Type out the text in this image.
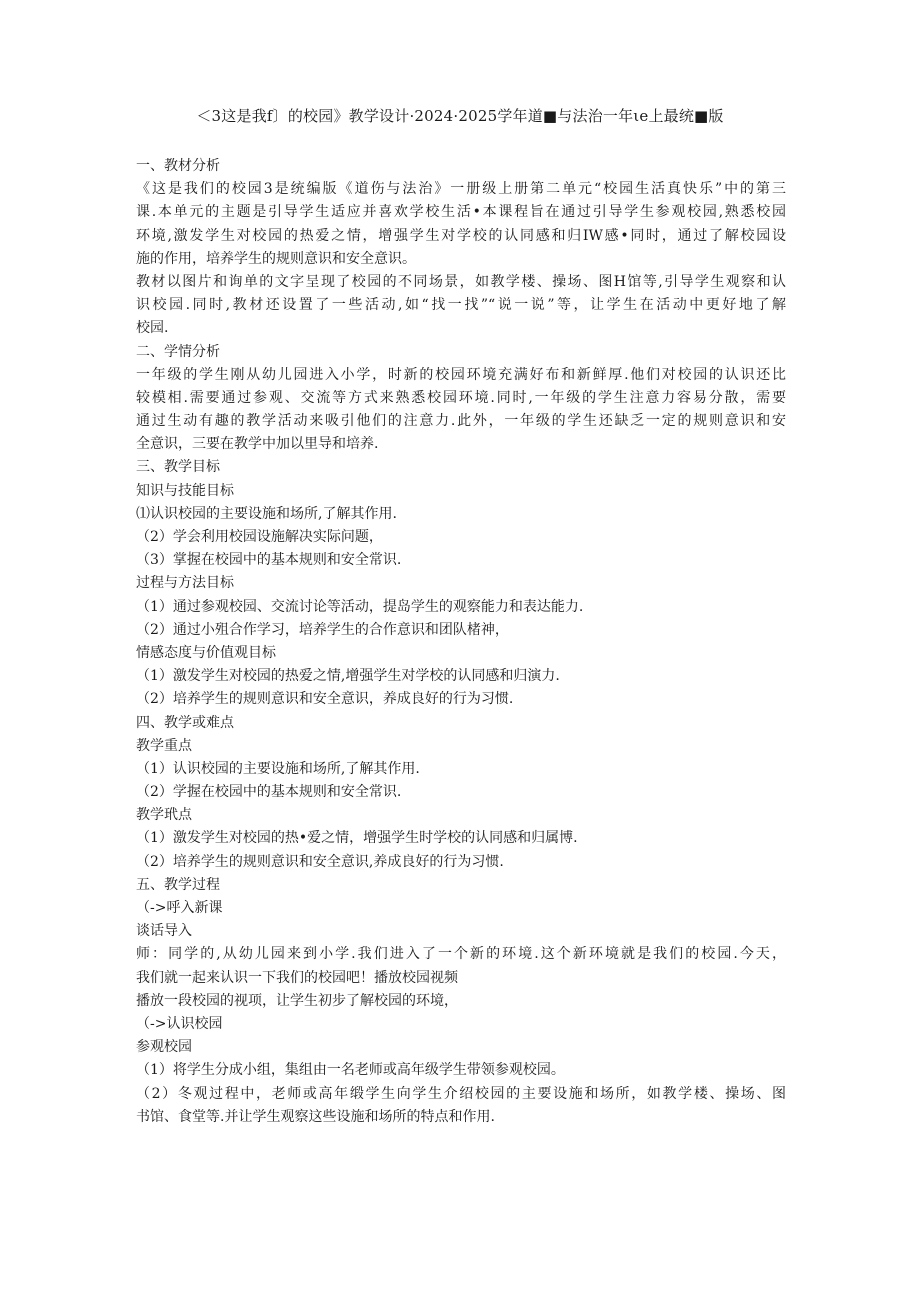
＜3这是我f〕的校园》教学设计·2024·2025学年道■与法治一年ιe上最统■版
一、教材分析
《这是我们的校园3是统编版《道伤与法治》一册级上册第二单元“校园生活真快乐”中的第三
课.本单元的主题是引导学生适应并喜欢学校生活•本课程旨在通过引导学生参观校园,熟悉校园
环境,激发学生对校园的热爱之情，增强学生对学校的认同感和归IW感•同时，通过了解校园设
施的作用，培养学生的规则意识和安全意识。
教材以图片和询单的文字呈现了校园的不同场景，如教学楼、操场、图H馆等,引导学生观察和认
识校园.同时,教材还设置了一些活动,如“找一找”“说一说”等，让学生在活动中更好地了解
校园.
二、学情分析
一年级的学生刚从幼儿园进入小学，时新的校园环境充满好布和新鲜厚.他们对校园的认识还比
较模相.需要通过参观、交流等方式来熟悉校园环境.同时,一年级的学生注意力容易分散，需要
通过生动有趣的教学活动来吸引他们的注意力.此外，一年级的学生还缺乏一定的规则意识和安
全意识，三要在教学中加以里导和培养.
三、教学目标
知识与技能目标
⑴认识校园的主要设施和场所,了解其作用.
（2）学会利用校园设施解决实际问题，
（3）掌握在校园中的基本规则和安全常识.
过程与方法目标
（1）通过参观校园、交流讨论等活动，提岛学生的观察能力和表达能力.
（2）通过小殂合作学习，培养学生的合作意识和团队楮神，
情感态度与价值观目标
（1）激发学生对校园的热爱之情,增强学生对学校的认同感和归演力.
（2）培养学生的规则意识和安全意识，养成良好的行为习惯.
四、教学或难点
教学重点
（1）认识校园的主要设施和场所,了解其作用.
（2）学握在校园中的基本规则和安全常识.
教学玳点
（1）激发学生对校园的热•爱之情，增强学生时学校的认同感和归属博.
（2）培养学生的规则意识和安全意识,养成良好的行为习惯.
五、教学过程
（->呼入新课
谈话导入
师：同学的,从幼儿园来到小学.我们进入了一个新的环境.这个新环境就是我们的校园.今天，
我们就一起来认识一下我们的校园吧！播放校园视频
播放一段校园的视项，让学生初步了解校园的环境，
（->认识校园
参观校园
（1）将学生分成小组，集组由一名老师或高年级学生带领参观校园。
（2）冬观过程中，老师或高年缎学生向学生介绍校园的主要设施和场所，如教学楼、操场、图
书馆、食堂等.并让学生观察这些设施和场所的特点和作用.
